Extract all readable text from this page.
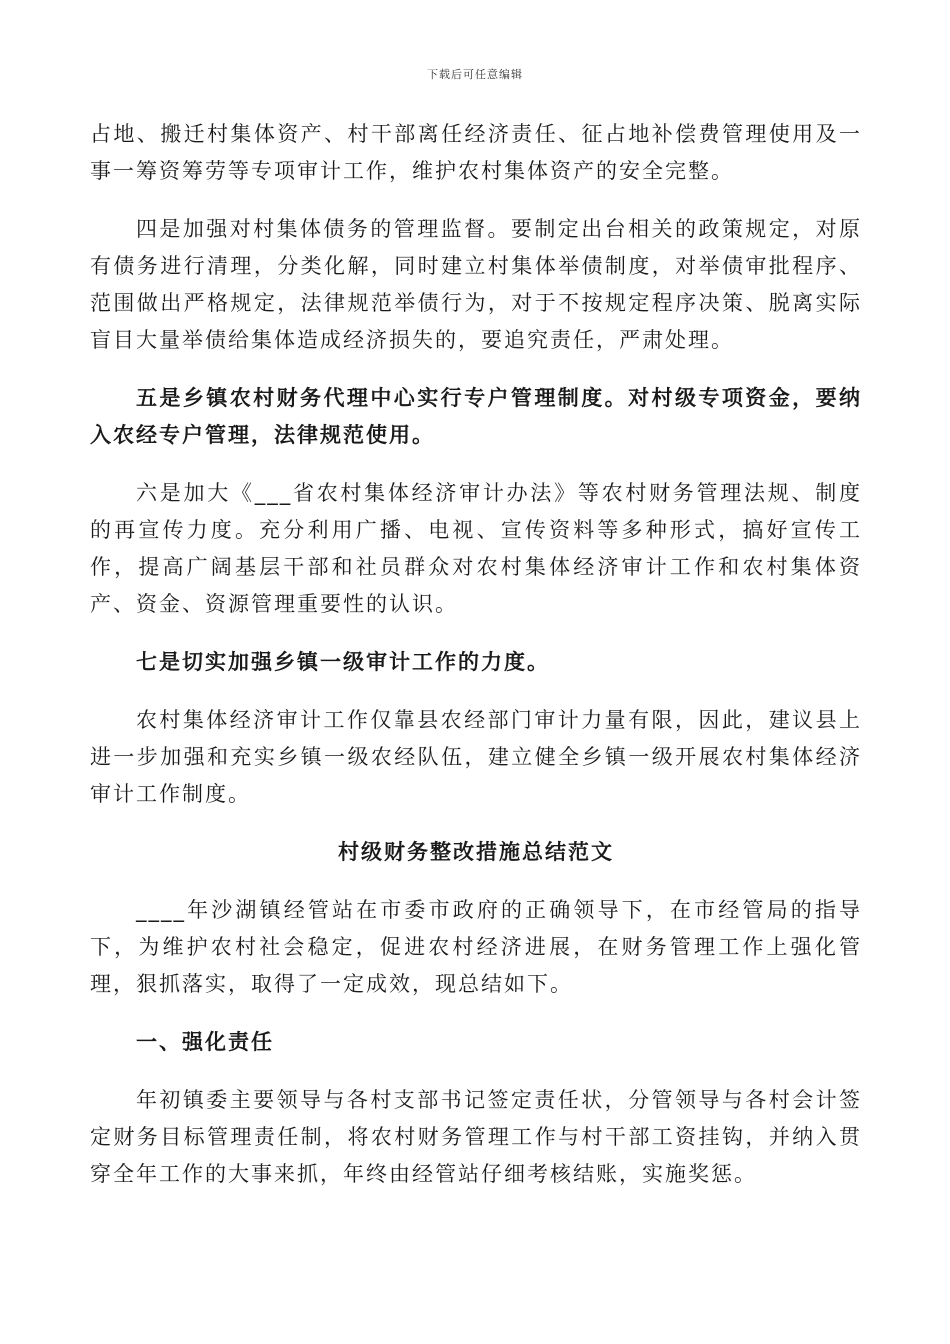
下载后可任意编辑

占地、搬迁村集体资产、村干部离任经济责任、征占地补偿费管理使用及一事一筹资筹劳等专项审计工作，维护农村集体资产的安全完整。

四是加强对村集体债务的管理监督。要制定出台相关的政策规定，对原有债务进行清理，分类化解，同时建立村集体举债制度，对举债审批程序、范围做出严格规定，法律规范举债行为，对于不按规定程序决策、脱离实际盲目大量举债给集体造成经济损失的，要追究责任，严肃处理。

五是乡镇农村财务代理中心实行专户管理制度。对村级专项资金，要纳入农经专户管理，法律规范使用。

六是加大《___省农村集体经济审计办法》等农村财务管理法规、制度的再宣传力度。充分利用广播、电视、宣传资料等多种形式，搞好宣传工作，提高广阔基层干部和社员群众对农村集体经济审计工作和农村集体资产、资金、资源管理重要性的认识。

七是切实加强乡镇一级审计工作的力度。

农村集体经济审计工作仅靠县农经部门审计力量有限，因此，建议县上进一步加强和充实乡镇一级农经队伍，建立健全乡镇一级开展农村集体经济审计工作制度。

村级财务整改措施总结范文

____年沙湖镇经管站在市委市政府的正确领导下，在市经管局的指导下，为维护农村社会稳定，促进农村经济进展，在财务管理工作上强化管理，狠抓落实，取得了一定成效，现总结如下。

一、强化责任

年初镇委主要领导与各村支部书记签定责任状，分管领导与各村会计签定财务目标管理责任制，将农村财务管理工作与村干部工资挂钩，并纳入贯穿全年工作的大事来抓，年终由经管站仔细考核结账，实施奖惩。
